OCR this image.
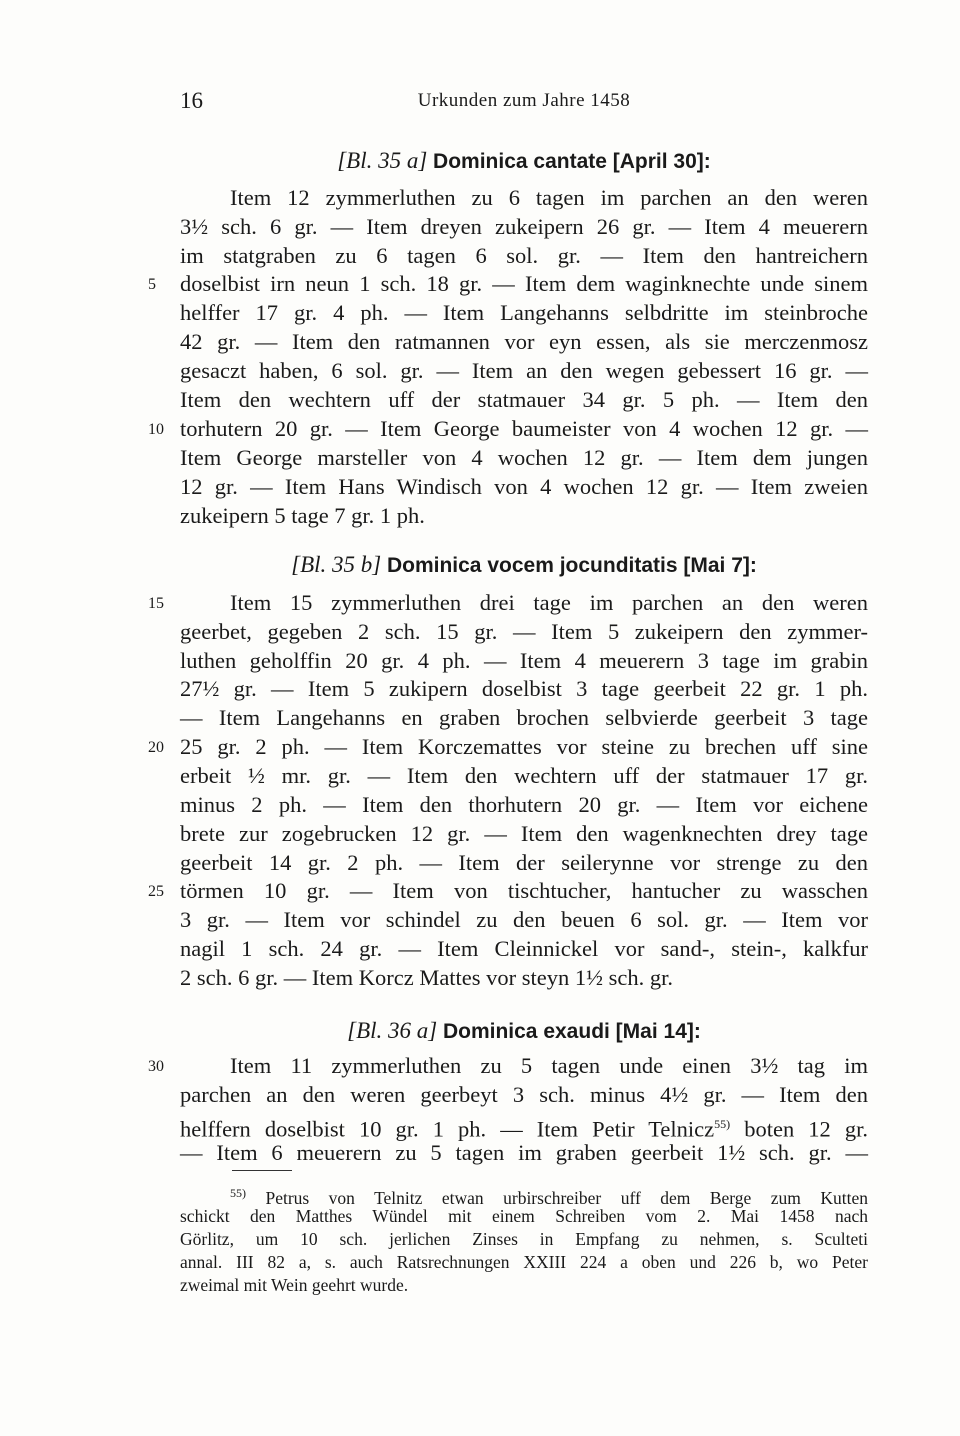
16	Urkunden zum Jahre 1458
[Bl. 35 a] Dominica cantate [April 30]:
Item 12 zymmerluthen zu 6 tagen im parchen an den weren
3½ sch. 6 gr. — Item dreyen zukeipern 26 gr. — Item 4 meuerern
im statgraben zu 6 tagen 6 sol. gr. — Item den hantreichern
doselbist irn neun 1 sch. 18 gr. — Item dem waginknechte unde sinem
helffer 17 gr. 4 ph. — Item Langehanns selbdritte im steinbroche
42 gr. — Item den ratmannen vor eyn essen, als sie merczenmosz
gesaczt haben, 6 sol. gr. — Item an den wegen gebessert 16 gr. —
Item den wechtern uff der statmauer 34 gr. 5 ph. — Item den
torhutern 20 gr. — Item George baumeister von 4 wochen 12 gr. —
Item George marsteller von 4 wochen 12 gr. — Item dem jungen
12 gr. — Item Hans Windisch von 4 wochen 12 gr. — Item zweien
zukeipern 5 tage 7 gr. 1 ph.
[Bl. 35 b] Dominica vocem jocunditatis [Mai 7]:
Item 15 zymmerluthen drei tage im parchen an den weren
geerbet, gegeben 2 sch. 15 gr. — Item 5 zukeipern den zymmer-
luthen geholffin 20 gr. 4 ph. — Item 4 meuerern 3 tage im grabin
27½ gr. — Item 5 zukipern doselbist 3 tage geerbeit 22 gr. 1 ph.
— Item Langehanns en graben brochen selbvierde geerbeit 3 tage
25 gr. 2 ph. — Item Korczemattes vor steine zu brechen uff sine
erbeit ½ mr. gr. — Item den wechtern uff der statmauer 17 gr.
minus 2 ph. — Item den thorhutern 20 gr. — Item vor eichene
brete zur zogebrucken 12 gr. — Item den wagenknechten drey tage
geerbeit 14 gr. 2 ph. — Item der seilerynne vor strenge zu den
törmen 10 gr. — Item von tischtucher, hantucher zu wasschen
3 gr. — Item vor schindel zu den beuen 6 sol. gr. — Item vor
nagil 1 sch. 24 gr. — Item Cleinnickel vor sand-, stein-, kalkfur
2 sch. 6 gr. — Item Korcz Mattes vor steyn 1½ sch. gr.
[Bl. 36 a] Dominica exaudi [Mai 14]:
Item 11 zymmerluthen zu 5 tagen unde einen 3½ tag im
parchen an den weren geerbeyt 3 sch. minus 4½ gr. — Item den
helffern doselbist 10 gr. 1 ph. — Item Petir Telnicz$^{55)}$ boten 12 gr.
— Item 6 meuerern zu 5 tagen im graben geerbeit 1½ sch. gr. —
5
10
15
20
25
30
$^{55)}$ Petrus von Telnitz etwan urbirschreiber uff dem Berge zum Kutten
schickt den Matthes Wündel mit einem Schreiben vom 2. Mai 1458 nach
Görlitz, um 10 sch. jerlichen Zinses in Empfang zu nehmen, s. Sculteti
annal. III 82 a, s. auch Ratsrechnungen XXIII 224 a oben und 226 b, wo Peter
zweimal mit Wein geehrt wurde.
